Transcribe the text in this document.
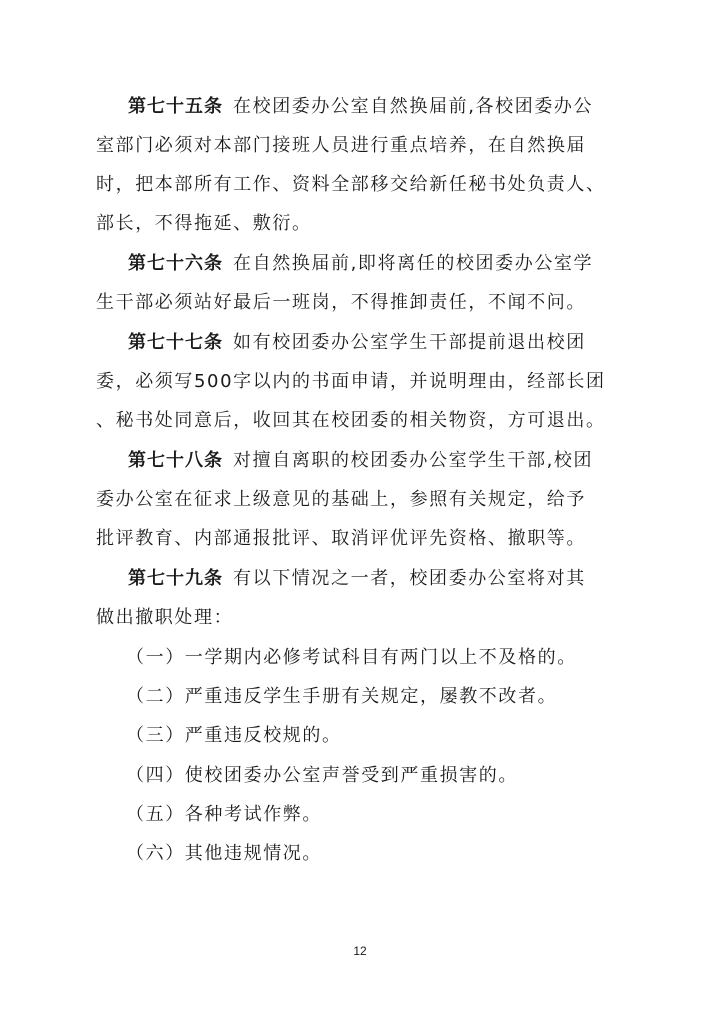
第七十五条 在校团委办公室自然换届前,各校团委办公
室部门必须对本部门接班人员进行重点培养，在自然换届
时，把本部所有工作、资料全部移交给新任秘书处负责人、
部长，不得拖延、敷衍。
第七十六条 在自然换届前,即将离任的校团委办公室学
生干部必须站好最后一班岗，不得推卸责任，不闻不问。
第七十七条 如有校团委办公室学生干部提前退出校团
委，必须写500字以内的书面申请，并说明理由，经部长团
、秘书处同意后，收回其在校团委的相关物资，方可退出。
第七十八条 对擅自离职的校团委办公室学生干部,校团
委办公室在征求上级意见的基础上，参照有关规定，给予
批评教育、内部通报批评、取消评优评先资格、撤职等。
第七十九条 有以下情况之一者，校团委办公室将对其
做出撤职处理：
（一）一学期内必修考试科目有两门以上不及格的。
（二）严重违反学生手册有关规定，屡教不改者。
（三）严重违反校规的。
（四）使校团委办公室声誉受到严重损害的。
（五）各种考试作弊。
（六）其他违规情况。
12
